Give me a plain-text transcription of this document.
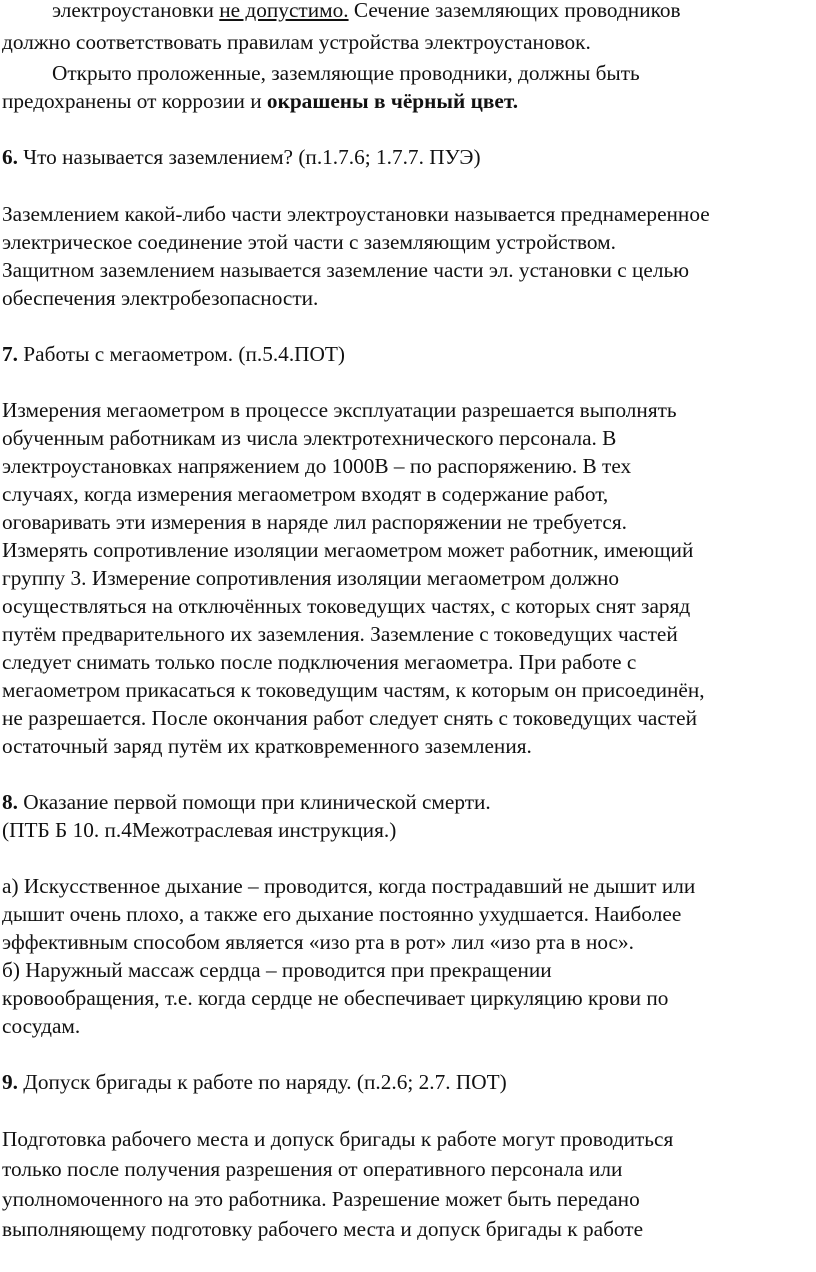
электроустановки не допустимо. Сечение заземляющих проводников
должно соответствовать правилам устройства электроустановок.
Открыто проложенные, заземляющие проводники, должны быть
предохранены от коррозии и окрашены в чёрный цвет.
6. Что называется заземлением? (п.1.7.6; 1.7.7. ПУЭ)
Заземлением какой-либо части электроустановки называется преднамеренное
электрическое соединение этой части с заземляющим устройством.
Защитном заземлением называется заземление части эл. установки с целью
обеспечения электробезопасности.
7. Работы с мегаометром. (п.5.4.ПОТ)
Измерения мегаометром в процессе эксплуатации разрешается выполнять
обученным работникам из числа электротехнического персонала. В
электроустановках напряжением до 1000В – по распоряжению. В тех
случаях, когда измерения мегаометром входят в содержание работ,
оговаривать эти измерения в наряде лил распоряжении не требуется.
Измерять сопротивление изоляции мегаометром может работник, имеющий
группу 3. Измерение сопротивления изоляции мегаометром должно
осуществляться на отключённых токоведущих частях, с которых снят заряд
путём предварительного их заземления. Заземление с токоведущих частей
следует снимать только после подключения мегаометра. При работе с
мегаометром прикасаться к токоведущим частям, к которым он присоединён,
не разрешается. После окончания работ следует снять с токоведущих частей
остаточный заряд путём их кратковременного заземления.
8. Оказание первой помощи при клинической смерти.
(ПТБ Б 10. п.4Межотраслевая инструкция.)
а) Искусственное дыхание – проводится, когда пострадавший не дышит или
дышит очень плохо, а также его дыхание постоянно ухудшается. Наиболее
эффективным способом является «изо рта в рот» лил «изо рта в нос».
б) Наружный массаж сердца – проводится при прекращении
кровообращения, т.е. когда сердце не обеспечивает циркуляцию крови по
сосудам.
9. Допуск бригады к работе по наряду. (п.2.6; 2.7. ПОТ)
Подготовка рабочего места и допуск бригады к работе могут проводиться
только после получения разрешения от оперативного персонала или
уполномоченного на это работника. Разрешение может быть передано
выполняющему подготовку рабочего места и допуск бригады к работе
